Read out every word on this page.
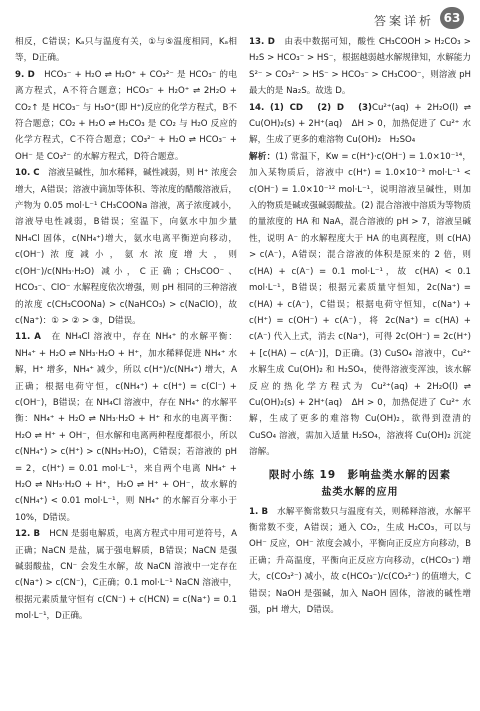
答案详析 63

相反，C错误；Kₐ只与温度有关，①与⑤温度相同，Kₐ相等，D正确。

9. D　 HCO₃⁻ + H₂O ⇌ H₂O⁺ + CO₃²⁻ 是 HCO₃⁻ 的电离方程式，A不符合题意；HCO₃⁻ + H₂O⁺ ⇌ 2H₂O + CO₂↑ 是 HCO₃⁻ 与 H₃O⁺(即 H⁺)反应的化学方程式，B不符合题意；CO₂ + H₂O ⇌ H₂CO₃ 是 CO₂ 与 H₂O 反应的化学方程式，C不符合题意；CO₃²⁻ + H₂O ⇌ HCO₃⁻ + OH⁻ 是 CO₃²⁻ 的水解方程式，D符合题意。

10. C　 溶液呈碱性，加水稀释，碱性减弱，则 H⁺ 浓度会增大，A错误；溶液中滴加等体积、等浓度的醋酸溶液后，产物为 0.05 mol·L⁻¹ CH₃COONa 溶液，离子浓度减小，溶液导电性减弱，B错误；室温下，向氨水中加少量 NH₄Cl 固体，c(NH₄⁺)增大，氨水电离平衡逆向移动，c(OH⁻)浓度减小，氨水浓度增大，则 c(OH⁻)/c(NH₃·H₂O) 减小，C正确；CH₃COO⁻、HCO₃⁻、ClO⁻ 水解程度依次增强，则 pH 相同的三种溶液的浓度 c(CH₃COONa) > c(NaHCO₃) > c(NaClO)，故 c(Na⁺)：① > ② > ③，D错误。

11. A　 在 NH₄Cl 溶液中，存在 NH₄⁺ 的水解平衡：NH₄⁺ + H₂O ⇌ NH₃·H₂O + H⁺，加水稀释促进 NH₄⁺ 水解，H⁺ 增多，NH₄⁺ 减少，所以 c(H⁺)/c(NH₄⁺) 增大，A正确；根据电荷守恒，c(NH₄⁺) + c(H⁺) = c(Cl⁻) + c(OH⁻)，B错误；在 NH₄Cl 溶液中，存在 NH₄⁺ 的水解平衡：NH₄⁺ + H₂O ⇌ NH₃·H₂O + H⁺ 和水的电离平衡：H₂O ⇌ H⁺ + OH⁻，但水解和电离两种程度都很小，所以 c(NH₄⁺) > c(H⁺) > c(NH₃·H₂O)，C错误；若溶液的 pH = 2，c(H⁺) = 0.01 mol·L⁻¹，来自两个电离 NH₄⁺ + H₂O ⇌ NH₃·H₂O + H⁺，H₂O ⇌ H⁺ + OH⁻，故水解的 c(NH₄⁺) < 0.01 mol·L⁻¹，则 NH₄⁺ 的水解百分率小于 10%，D错误。

12. B　 HCN 是弱电解质，电离方程式中用可逆符号，A正确；NaCN 是盐，属于强电解质，B错误；NaCN 是强碱弱酸盐，CN⁻ 会发生水解，故 NaCN 溶液中一定存在 c(Na⁺) > c(CN⁻)，C正确；0.1 mol·L⁻¹ NaCN 溶液中，根据元素质量守恒有 c(CN⁻) + c(HCN) = c(Na⁺) = 0.1 mol·L⁻¹，D正确。

13. D　 由表中数据可知，酸性 CH₃COOH > H₂CO₃ > H₂S > HCO₃⁻ > HS⁻，根据越弱越水解规律知，水解能力 S²⁻ > CO₃²⁻ > HS⁻ > HCO₃⁻ > CH₃COO⁻，则溶液 pH 最大的是 Na₂S。故选 D。

14. (1) CD　(2) D　(3)Cu²⁺(aq) + 2H₂O(l) ⇌ Cu(OH)₂(s) + 2H⁺(aq)　ΔH > 0，加热促进了 Cu²⁺ 水解，生成了更多的难溶物 Cu(OH)₂　H₂SO₄

解析：(1) 常温下，Kw = c(H⁺)·c(OH⁻) = 1.0×10⁻¹⁴，加入某物质后，溶液中 c(H⁺) = 1.0×10⁻³ mol·L⁻¹ < c(OH⁻) = 1.0×10⁻¹² mol·L⁻¹，说明溶液呈碱性，则加入的物质是碱或强碱弱酸盐。(2) 混合溶液中溶质为等物质的量浓度的 HA 和 NaA，混合溶液的 pH > 7，溶液呈碱性，说明 A⁻ 的水解程度大于 HA 的电离程度，则 c(HA) > c(A⁻)，A错误；混合溶液的体积是原来的 2 倍，则 c(HA) + c(A⁻) = 0.1 mol·L⁻¹，故 c(HA) < 0.1 mol·L⁻¹，B错误；根据元素质量守恒知，2c(Na⁺) = c(HA) + c(A⁻)，C错误；根据电荷守恒知，c(Na⁺) + c(H⁺) = c(OH⁻) + c(A⁻)，将 2c(Na⁺) = c(HA) + c(A⁻) 代入上式，消去 c(Na⁺)，可得 2c(OH⁻) = 2c(H⁺) + [c(HA) − c(A⁻)]，D正确。(3) CuSO₄ 溶液中，Cu²⁺ 水解生成 Cu(OH)₂ 和 H₂SO₄，使得溶液变浑浊，该水解反应的热化学方程式为 Cu²⁺(aq) + 2H₂O(l) ⇌ Cu(OH)₂(s) + 2H⁺(aq)　ΔH > 0，加热促进了 Cu²⁺ 水解，生成了更多的难溶物 Cu(OH)₂，欲得到澄清的 CuSO₄ 溶液，需加入适量 H₂SO₄，溶液将 Cu(OH)₂ 沉淀溶解。

限时小练 19　影响盐类水解的因素
盐类水解的应用

1. B　 水解平衡常数只与温度有关，则稀释溶液，水解平衡常数不变，A错误；通入 CO₂，生成 H₂CO₃，可以与 OH⁻ 反应，OH⁻ 浓度会减小，平衡向正反应方向移动，B正确；升高温度，平衡向正反应方向移动，c(HCO₃⁻) 增大，c(CO₃²⁻) 减小，故 c(HCO₃⁻)/c(CO₃²⁻) 的值增大，C错误；NaOH 是强碱，加入 NaOH 固体，溶液的碱性增强，pH 增大，D错误。
